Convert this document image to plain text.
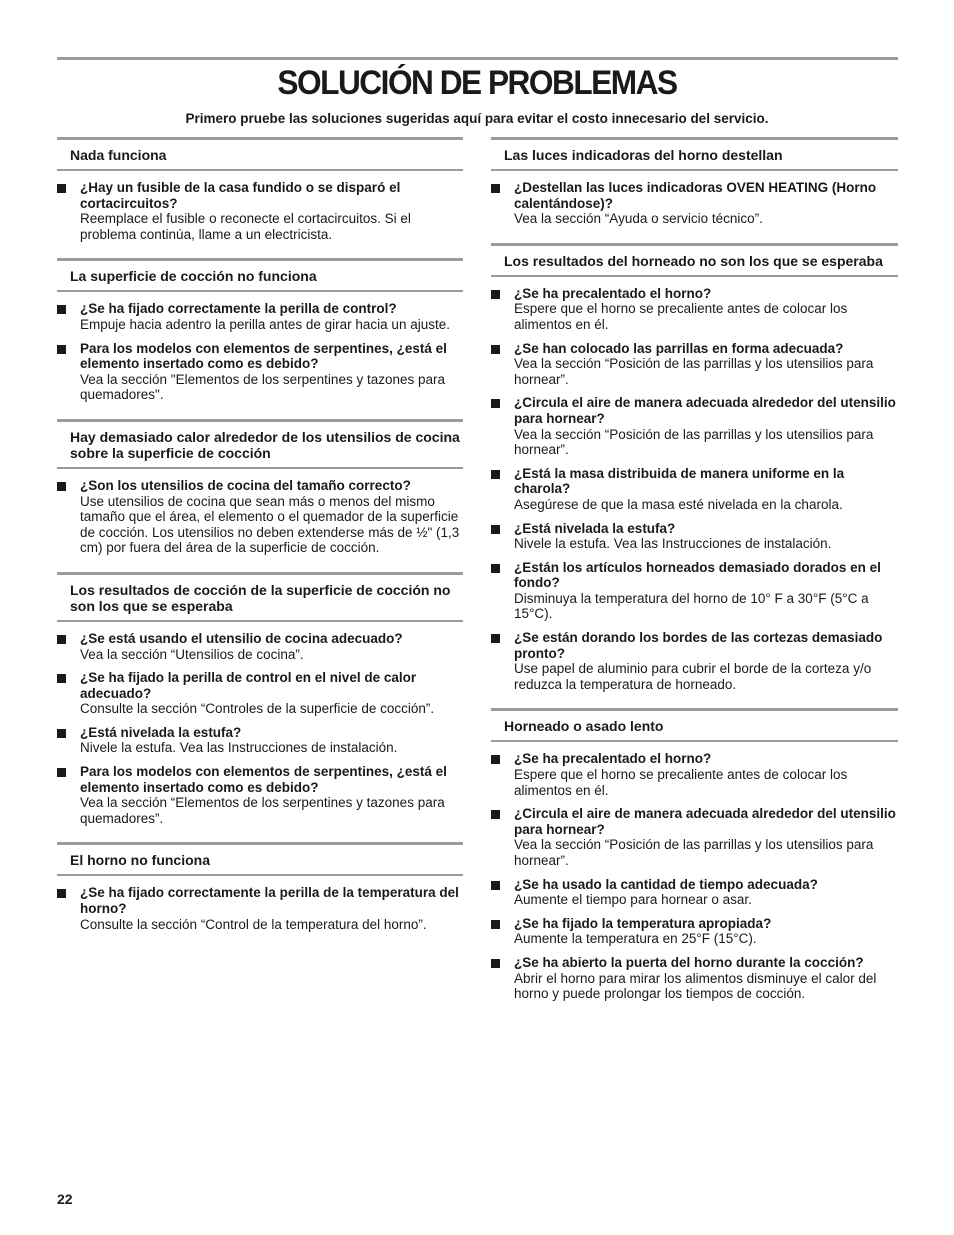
SOLUCIÓN DE PROBLEMAS

Primero pruebe las soluciones sugeridas aquí para evitar el costo innecesario del servicio.

Nada funciona
¿Hay un fusible de la casa fundido o se disparó el cortacircuitos?
Reemplace el fusible o reconecte el cortacircuitos. Si el problema continúa, llame a un electricista.
La superficie de cocción no funciona
¿Se ha fijado correctamente la perilla de control?
Empuje hacia adentro la perilla antes de girar hacia un ajuste.
Para los modelos con elementos de serpentines, ¿está el elemento insertado como es debido?
Vea la sección "Elementos de los serpentines y tazones para quemadores".
Hay demasiado calor alrededor de los utensilios de cocina sobre la superficie de cocción
¿Son los utensilios de cocina del tamaño correcto?
Use utensilios de cocina que sean más o menos del mismo tamaño que el área, el elemento o el quemador de la superficie de cocción. Los utensilios no deben extenderse más de ½" (1,3 cm) por fuera del área de la superficie de cocción.
Los resultados de cocción de la superficie de cocción no son los que se esperaba
¿Se está usando el utensilio de cocina adecuado?
Vea la sección “Utensilios de cocina”.
¿Se ha fijado la perilla de control en el nivel de calor adecuado?
Consulte la sección “Controles de la superficie de cocción”.
¿Está nivelada la estufa?
Nivele la estufa. Vea las Instrucciones de instalación.
Para los modelos con elementos de serpentines, ¿está el elemento insertado como es debido?
Vea la sección “Elementos de los serpentines y tazones para quemadores”.
El horno no funciona
¿Se ha fijado correctamente la perilla de la temperatura del horno?
Consulte la sección “Control de la temperatura del horno”.
Las luces indicadoras del horno destellan
¿Destellan las luces indicadoras OVEN HEATING (Horno calentándose)?
Vea la sección “Ayuda o servicio técnico”.
Los resultados del horneado no son los que se esperaba
¿Se ha precalentado el horno?
Espere que el horno se precaliente antes de colocar los alimentos en él.
¿Se han colocado las parrillas en forma adecuada?
Vea la sección “Posición de las parrillas y los utensilios para hornear”.
¿Circula el aire de manera adecuada alrededor del utensilio para hornear?
Vea la sección “Posición de las parrillas y los utensilios para hornear”.
¿Está la masa distribuida de manera uniforme en la charola?
Asegúrese de que la masa esté nivelada en la charola.
¿Está nivelada la estufa?
Nivele la estufa. Vea las Instrucciones de instalación.
¿Están los artículos horneados demasiado dorados en el fondo?
Disminuya la temperatura del horno de 10° F a 30°F (5°C a 15°C).
¿Se están dorando los bordes de las cortezas demasiado pronto?
Use papel de aluminio para cubrir el borde de la corteza y/o reduzca la temperatura de horneado.
Horneado o asado lento
¿Se ha precalentado el horno?
Espere que el horno se precaliente antes de colocar los alimentos en él.
¿Circula el aire de manera adecuada alrededor del utensilio para hornear?
Vea la sección “Posición de las parrillas y los utensilios para hornear”.
¿Se ha usado la cantidad de tiempo adecuada?
Aumente el tiempo para hornear o asar.
¿Se ha fijado la temperatura apropiada?
Aumente la temperatura en 25°F (15°C).
¿Se ha abierto la puerta del horno durante la cocción?
Abrir el horno para mirar los alimentos disminuye el calor del horno y puede prolongar los tiempos de cocción.
22
